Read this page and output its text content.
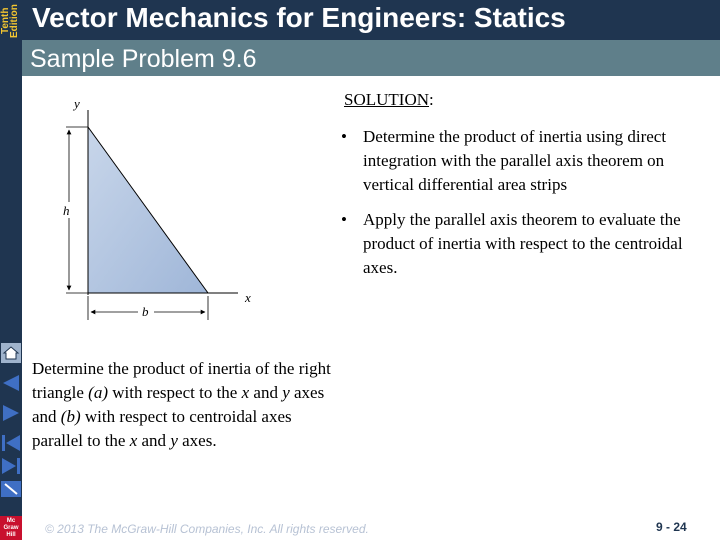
Tenth Edition
Mc
Graw
Hill
Vector Mechanics for Engineers: Statics
Sample Problem 9.6
y
x
h
b
SOLUTION:
• Determine the product of inertia using direct integration with the parallel axis theorem on vertical differential area strips
• Apply the parallel axis theorem to evaluate the product of inertia with respect to the centroidal axes.
Determine the product of inertia of the right triangle (a) with respect to the x and y axes and (b) with respect to centroidal axes parallel to the x and y axes.
© 2013 The McGraw-Hill Companies, Inc. All rights reserved.	9 - 24
